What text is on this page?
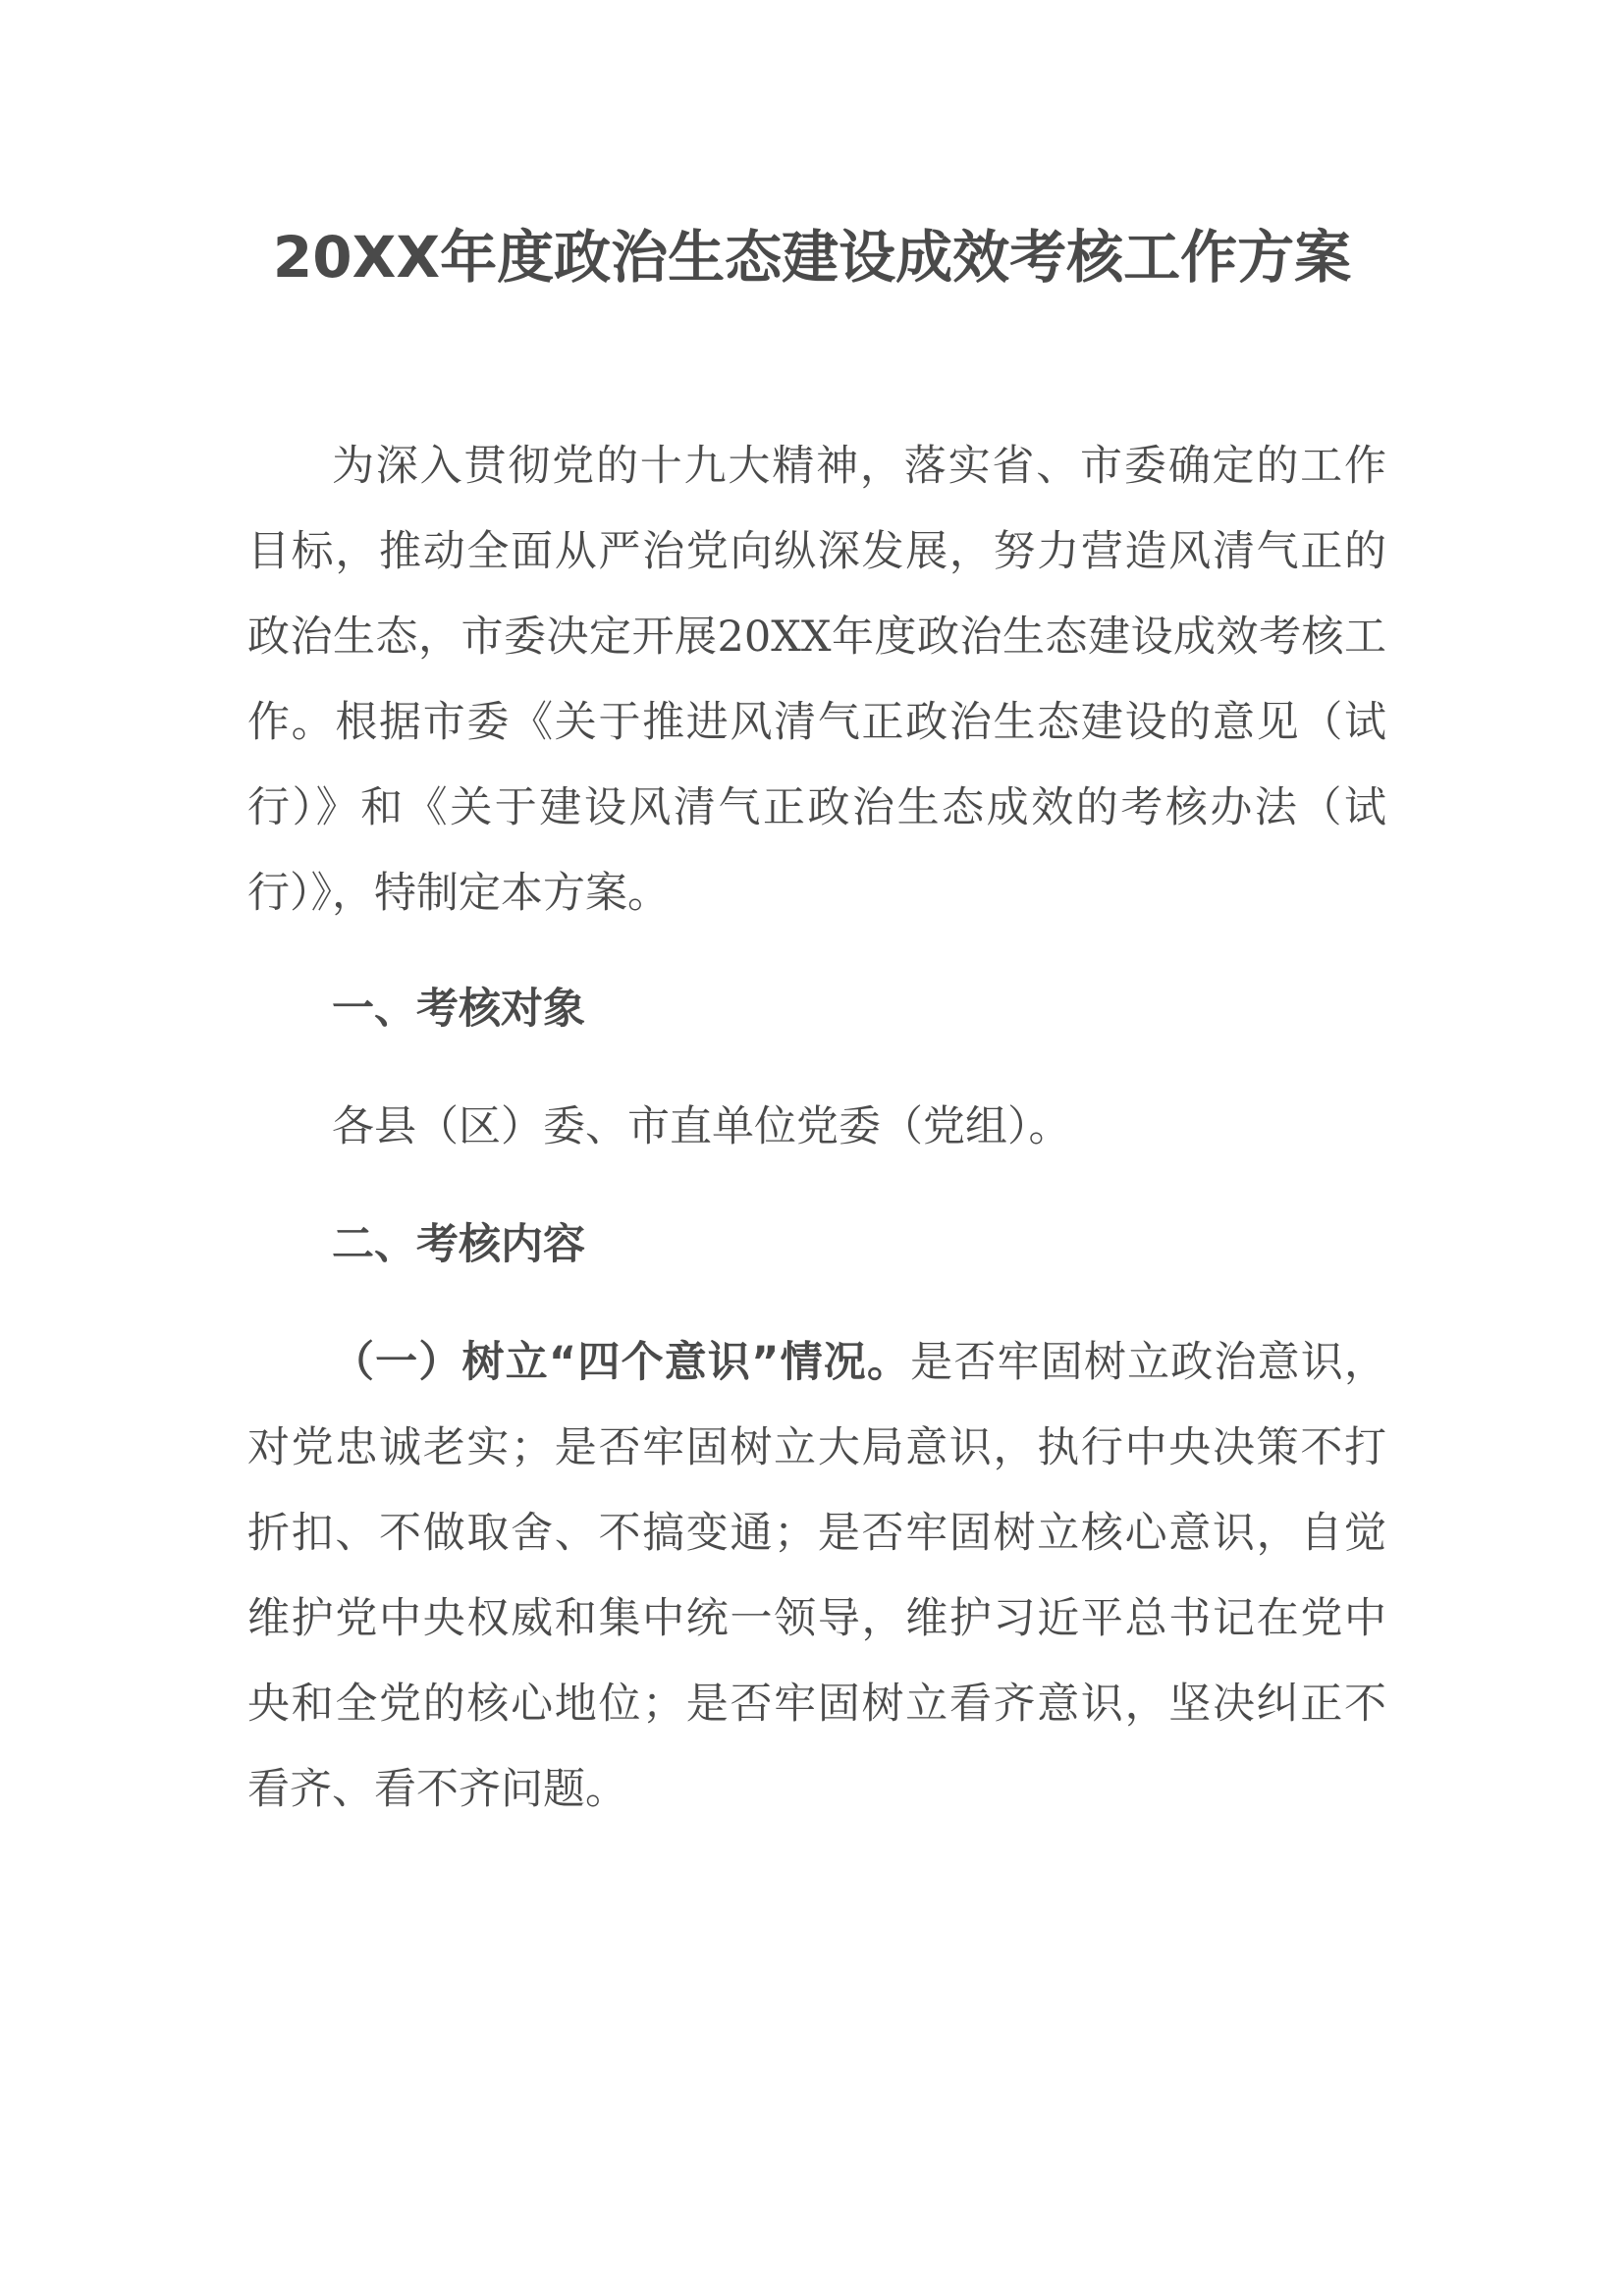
20XX年度政治生态建设成效考核工作方案

为深入贯彻党的十九大精神，落实省、市委确定的工作目标，推动全面从严治党向纵深发展，努力营造风清气正的政治生态，市委决定开展20XX年度政治生态建设成效考核工作。根据市委《关于推进风清气正政治生态建设的意见（试行）》和《关于建设风清气正政治生态成效的考核办法（试行）》，特制定本方案。

一、考核对象

各县（区）委、市直单位党委（党组）。

二、考核内容

（一）树立“四个意识”情况。是否牢固树立政治意识，对党忠诚老实；是否牢固树立大局意识，执行中央决策不打折扣、不做取舍、不搞变通；是否牢固树立核心意识，自觉维护党中央权威和集中统一领导，维护习近平总书记在党中央和全党的核心地位；是否牢固树立看齐意识，坚决纠正不看齐、看不齐问题。
